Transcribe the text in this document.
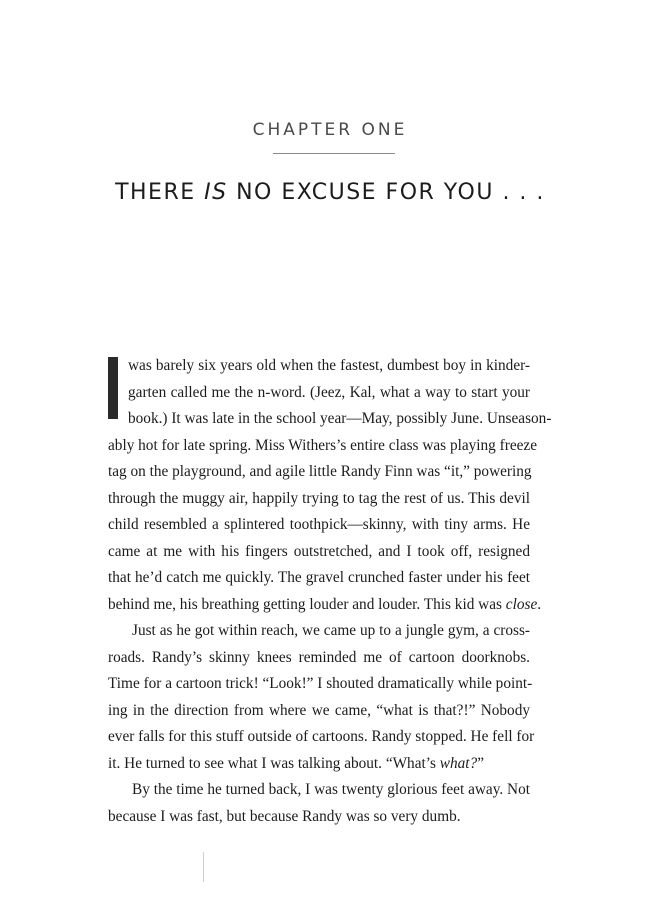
CHAPTER ONE
THERE IS NO EXCUSE FOR YOU . . .

was barely six years old when the fastest, dumbest boy in kinder-
garten called me the n-word. (Jeez, Kal, what a way to start your
book.) It was late in the school year—May, possibly June. Unseason-
ably hot for late spring. Miss Withers’s entire class was playing freeze
tag on the playground, and agile little Randy Finn was “it,” powering
through the muggy air, happily trying to tag the rest of us. This devil
child resembled a splintered toothpick—skinny, with tiny arms. He
came at me with his fingers outstretched, and I took off, resigned
that he’d catch me quickly. The gravel crunched faster under his feet
behind me, his breathing getting louder and louder. This kid was close.

Just as he got within reach, we came up to a jungle gym, a cross-
roads. Randy’s skinny knees reminded me of cartoon doorknobs.
Time for a cartoon trick! “Look!” I shouted dramatically while point-
ing in the direction from where we came, “what is that?!” Nobody
ever falls for this stuff outside of cartoons. Randy stopped. He fell for
it. He turned to see what I was talking about. “What’s what?”

By the time he turned back, I was twenty glorious feet away. Not
because I was fast, but because Randy was so very dumb.
